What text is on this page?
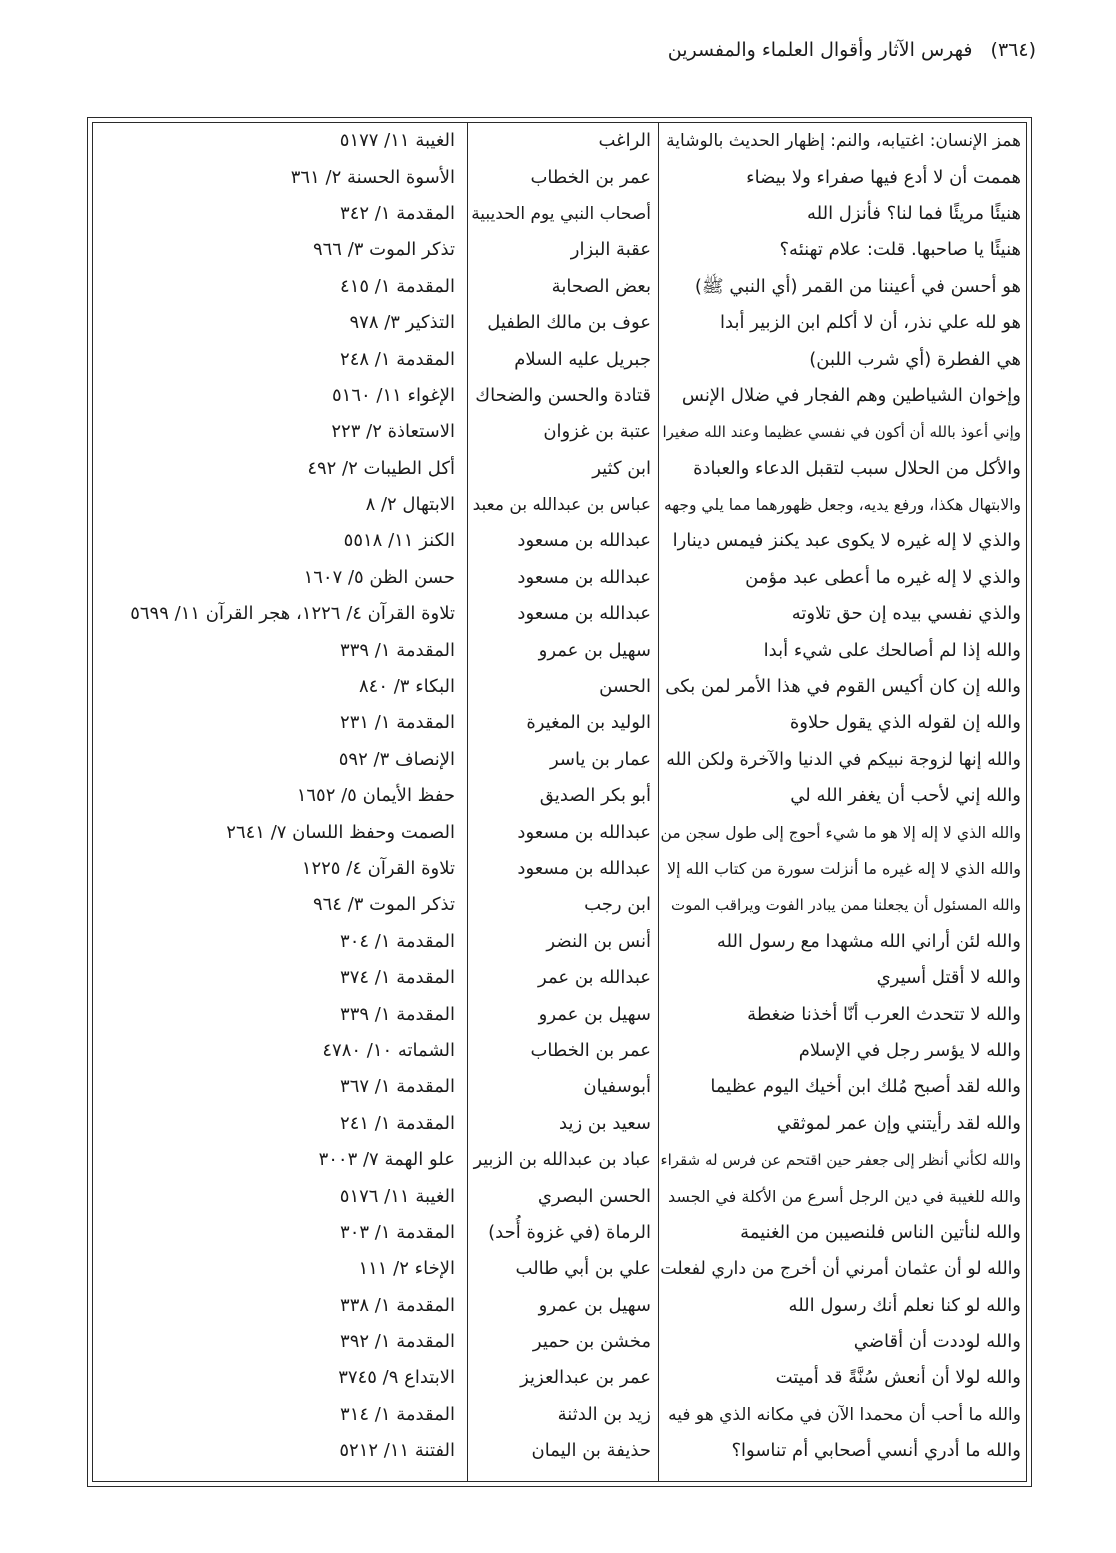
(٣٦٤) فهرس الآثار وأقوال العلماء والمفسرين
همز الإنسان: اغتيابه، والنم: إظهار الحديث بالوشاية
الراغب
الغيبة ١١/ ٥١٧٧
هممت أن لا أدع فيها صفراء ولا بيضاء
عمر بن الخطاب
الأسوة الحسنة ٢/ ٣٦١
هنيئًا مريئًا فما لنا؟ فأنزل الله
أصحاب النبي يوم الحديبية
المقدمة ١/ ٣٤٢
هنيئًا يا صاحبها. قلت: علام تهنئه؟
عقبة البزار
تذكر الموت ٣/ ٩٦٦
هو أحسن في أعيننا من القمر (أي النبي ﷺ)
بعض الصحابة
المقدمة ١/ ٤١٥
هو لله علي نذر، أن لا أكلم ابن الزبير أبدا
عوف بن مالك الطفيل
التذكير ٣/ ٩٧٨
هي الفطرة (أي شرب اللبن)
جبريل عليه السلام
المقدمة ١/ ٢٤٨
وإخوان الشياطين وهم الفجار في ضلال الإنس
قتادة والحسن والضحاك
الإغواء ١١/ ٥١٦٠
وإني أعوذ بالله أن أكون في نفسي عظيما وعند الله صغيرا
عتبة بن غزوان
الاستعاذة ٢/ ٢٢٣
والأكل من الحلال سبب لتقبل الدعاء والعبادة
ابن كثير
أكل الطيبات ٢/ ٤٩٢
والابتهال هكذا، ورفع يديه، وجعل ظهورهما مما يلي وجهه
عباس بن عبدالله بن معبد
الابتهال ٢/ ٨
والذي لا إله غيره لا يكوى عبد يكنز فيمس دينارا
عبدالله بن مسعود
الكنز ١١/ ٥٥١٨
والذي لا إله غيره ما أعطى عبد مؤمن
عبدالله بن مسعود
حسن الظن ٥/ ١٦٠٧
والذي نفسي بيده إن حق تلاوته
عبدالله بن مسعود
تلاوة القرآن ٤/ ١٢٢٦، هجر القرآن ١١/ ٥٦٩٩
والله إذا لم أصالحك على شيء أبدا
سهيل بن عمرو
المقدمة ١/ ٣٣٩
والله إن كان أكيس القوم في هذا الأمر لمن بكى
الحسن
البكاء ٣/ ٨٤٠
والله إن لقوله الذي يقول حلاوة
الوليد بن المغيرة
المقدمة ١/ ٢٣١
والله إنها لزوجة نبيكم في الدنيا والآخرة ولكن الله
عمار بن ياسر
الإنصاف ٣/ ٥٩٢
والله إني لأحب أن يغفر الله لي
أبو بكر الصديق
حفظ الأيمان ٥/ ١٦٥٢
والله الذي لا إله إلا هو ما شيء أحوج إلى طول سجن من
عبدالله بن مسعود
الصمت وحفظ اللسان ٧/ ٢٦٤١
والله الذي لا إله غيره ما أنزلت سورة من كتاب الله إلا
عبدالله بن مسعود
تلاوة القرآن ٤/ ١٢٢٥
والله المسئول أن يجعلنا ممن يبادر الفوت ويراقب الموت
ابن رجب
تذكر الموت ٣/ ٩٦٤
والله لئن أراني الله مشهدا مع رسول الله
أنس بن النضر
المقدمة ١/ ٣٠٤
والله لا أقتل أسيري
عبدالله بن عمر
المقدمة ١/ ٣٧٤
والله لا تتحدث العرب أنّا أخذنا ضغطة
سهيل بن عمرو
المقدمة ١/ ٣٣٩
والله لا يؤسر رجل في الإسلام
عمر بن الخطاب
الشماته ١٠/ ٤٧٨٠
والله لقد أصبح مُلك ابن أخيك اليوم عظيما
أبوسفيان
المقدمة ١/ ٣٦٧
والله لقد رأيتني وإن عمر لموثقي
سعيد بن زيد
المقدمة ١/ ٢٤١
والله لكأني أنظر إلى جعفر حين اقتحم عن فرس له شقراء
عباد بن عبدالله بن الزبير
علو الهمة ٧/ ٣٠٠٣
والله للغيبة في دين الرجل أسرع من الأكلة في الجسد
الحسن البصري
الغيبة ١١/ ٥١٧٦
والله لنأتين الناس فلنصيبن من الغنيمة
الرماة (في غزوة أُحد)
المقدمة ١/ ٣٠٣
والله لو أن عثمان أمرني أن أخرج من داري لفعلت
علي بن أبي طالب
الإخاء ٢/ ١١١
والله لو كنا نعلم أنك رسول الله
سهيل بن عمرو
المقدمة ١/ ٣٣٨
والله لوددت أن أقاضي
مخشن بن حمير
المقدمة ١/ ٣٩٢
والله لولا أن أنعش سُنَّةً قد أميتت
عمر بن عبدالعزيز
الابتداع ٩/ ٣٧٤٥
والله ما أحب أن محمدا الآن في مكانه الذي هو فيه
زيد بن الدثنة
المقدمة ١/ ٣١٤
والله ما أدري أنسي أصحابي أم تناسوا؟
حذيفة بن اليمان
الفتنة ١١/ ٥٢١٢
